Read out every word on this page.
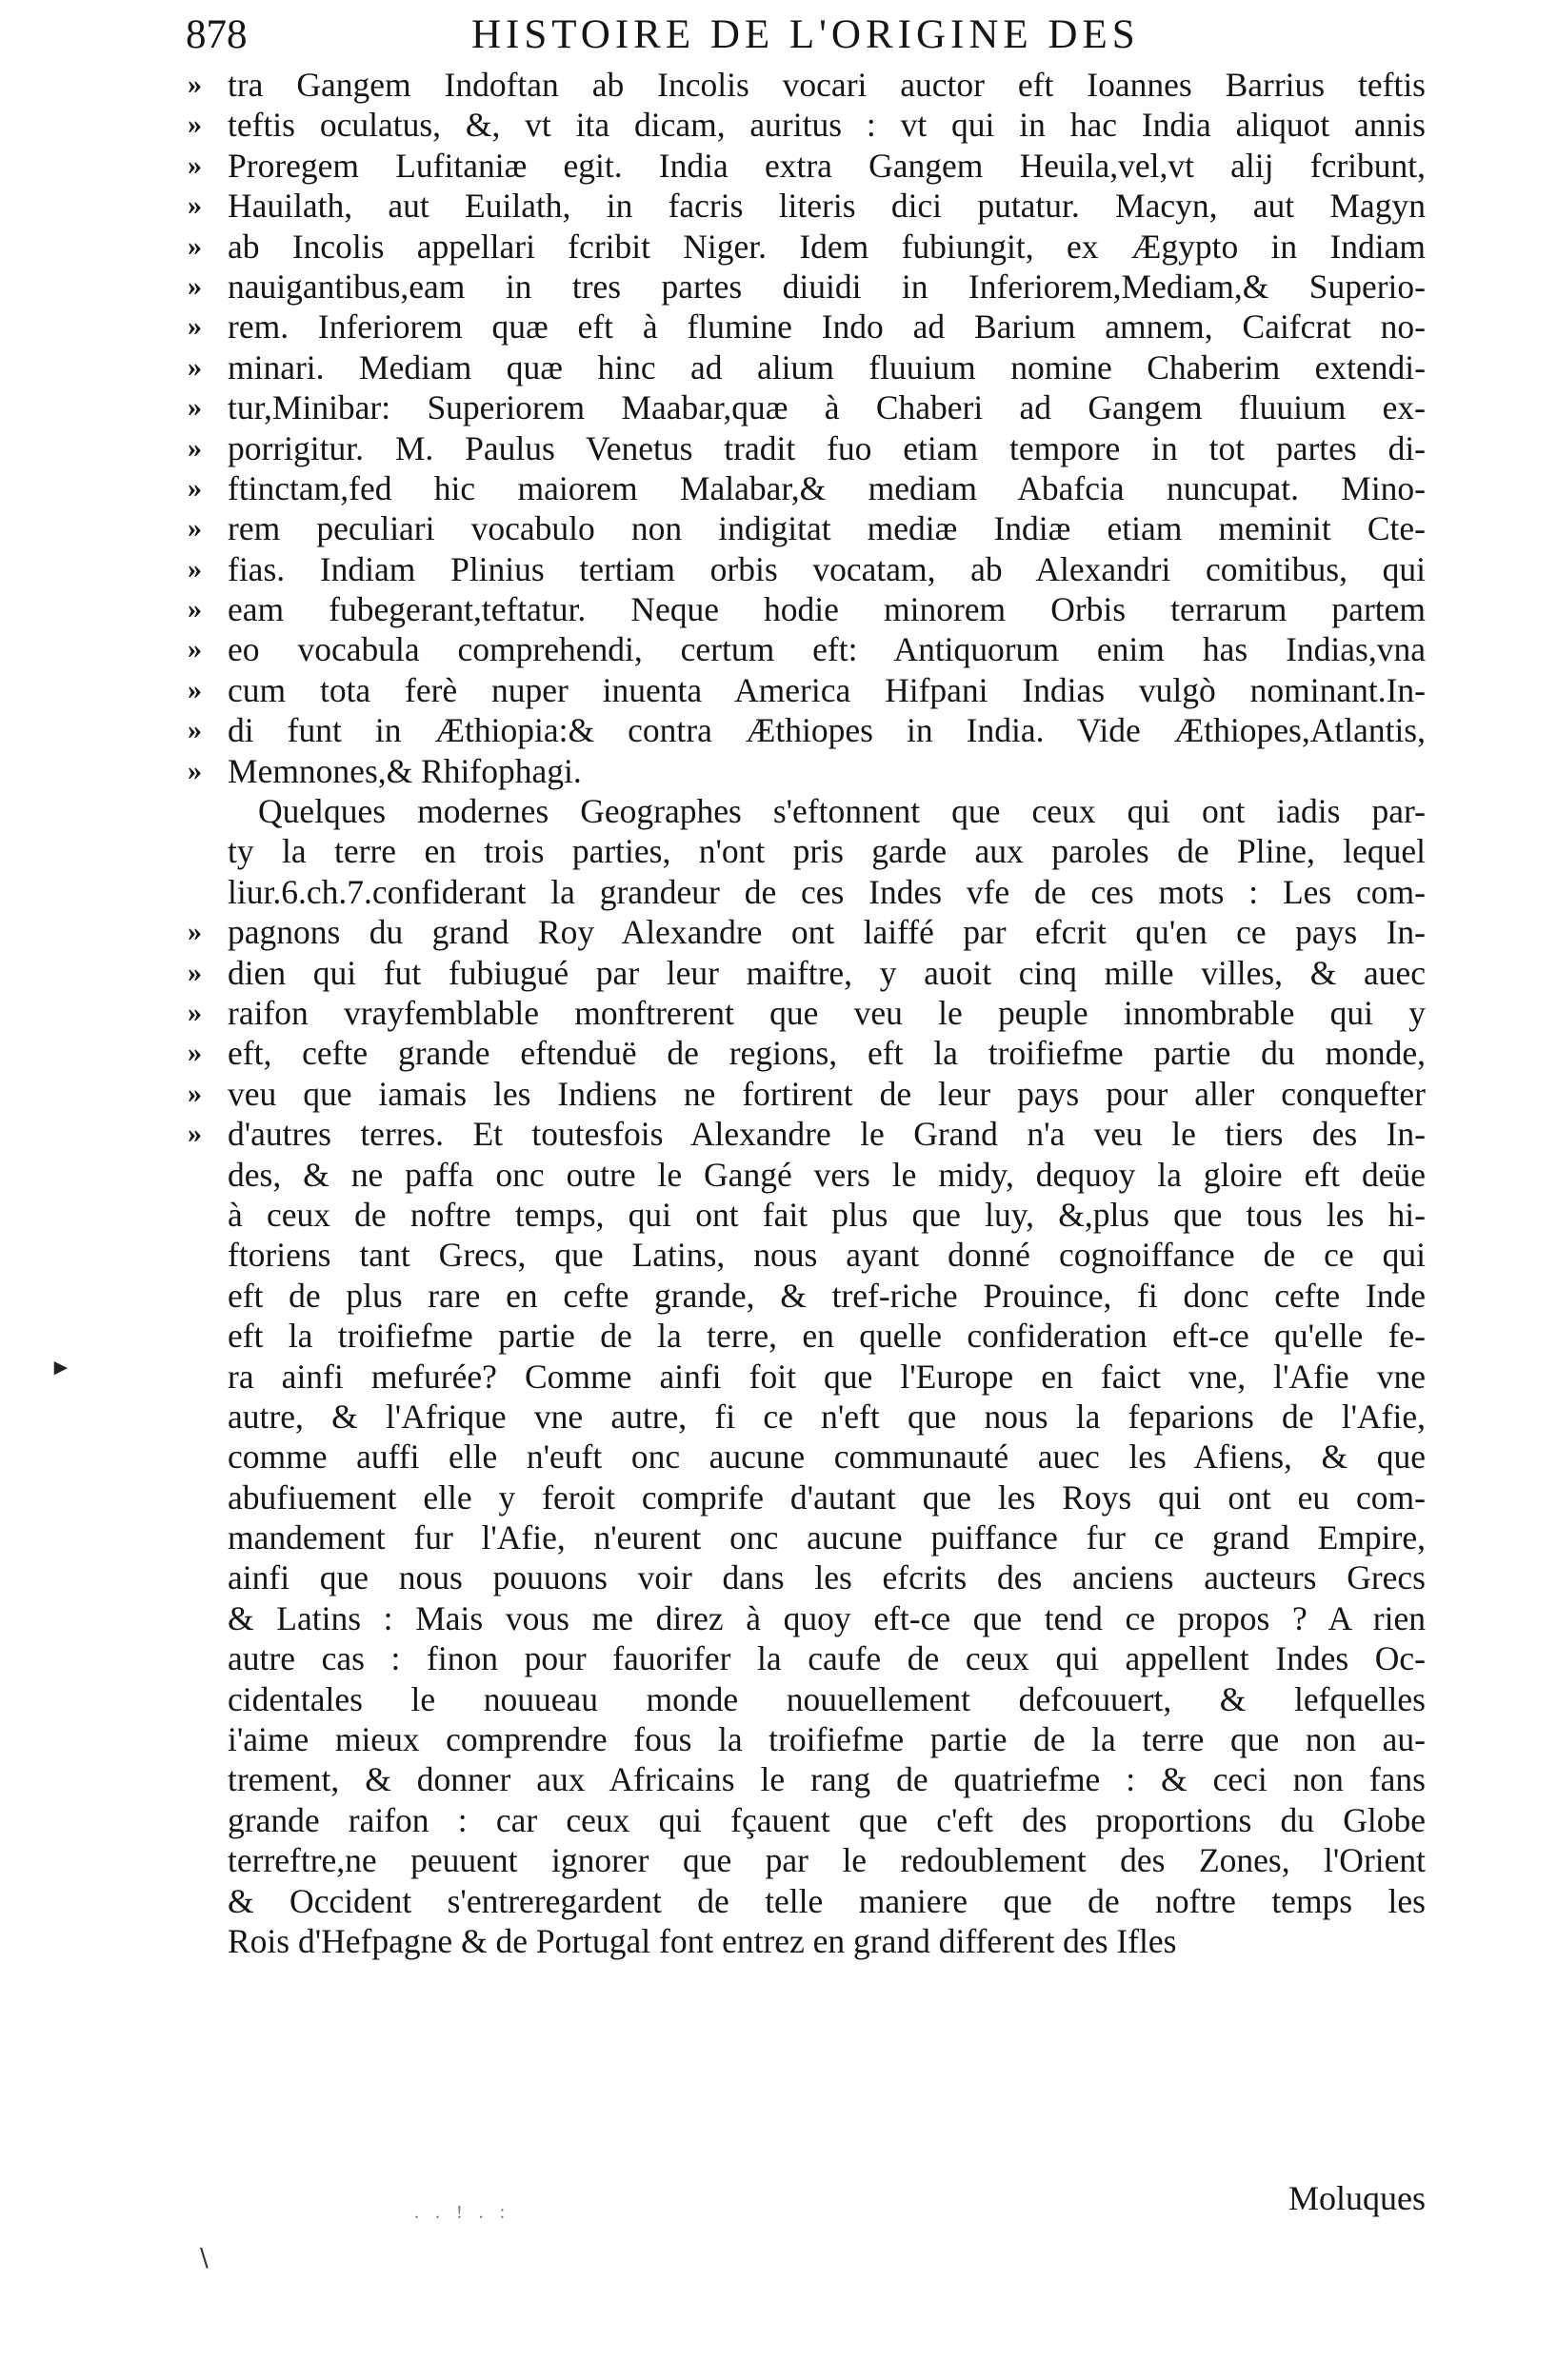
878	HISTOIRE DE L'ORIGINE DES
►
» tra Gangem Indoftan ab Incolis vocari auctor eft Ioannes Barrius teftis
» teftis oculatus, &, vt ita dicam, auritus : vt qui in hac India aliquot annis
» Proregem Lufitaniæ egit. India extra Gangem Heuila,vel,vt alij fcribunt,
» Hauilath, aut Euilath, in facris literis dici putatur. Macyn, aut Magyn
» ab Incolis appellari fcribit Niger. Idem fubiungit, ex Ægypto in Indiam
» nauigantibus,eam in tres partes diuidi in Inferiorem,Mediam,& Superio-
» rem. Inferiorem quæ eft à flumine Indo ad Barium amnem, Caifcrat no-
» minari. Mediam quæ hinc ad alium fluuium nomine Chaberim extendi-
» tur,Minibar: Superiorem Maabar,quæ à Chaberi ad Gangem fluuium ex-
» porrigitur. M. Paulus Venetus tradit fuo etiam tempore in tot partes di-
» ftinctam,fed hic maiorem Malabar,& mediam Abafcia nuncupat. Mino-
» rem peculiari vocabulo non indigitat mediæ Indiæ etiam meminit Cte-
» fias. Indiam Plinius tertiam orbis vocatam, ab Alexandri comitibus, qui
» eam fubegerant,teftatur. Neque hodie minorem Orbis terrarum partem
» eo vocabula comprehendi, certum eft: Antiquorum enim has Indias,vna
» cum tota ferè nuper inuenta America Hifpani Indias vulgò nominant.In-
» di funt in Æthiopia:& contra Æthiopes in India. Vide Æthiopes,Atlantis,
» Memnones,& Rhifophagi.
Quelques modernes Geographes s'eftonnent que ceux qui ont iadis par-
ty la terre en trois parties, n'ont pris garde aux paroles de Pline, lequel
liur.6.ch.7.confiderant la grandeur de ces Indes vfe de ces mots : Les com-
» pagnons du grand Roy Alexandre ont laiffé par efcrit qu'en ce pays In-
» dien qui fut fubiugué par leur maiftre, y auoit cinq mille villes, & auec
» raifon vrayfemblable monftrerent que veu le peuple innombrable qui y
» eft, cefte grande eftenduë de regions, eft la troifiefme partie du monde,
» veu que iamais les Indiens ne fortirent de leur pays pour aller conquefter
» d'autres terres. Et toutesfois Alexandre le Grand n'a veu le tiers des In-
des, & ne paffa onc outre le Gangé vers le midy, dequoy la gloire eft deüe
à ceux de noftre temps, qui ont fait plus que luy, &,plus que tous les hi-
ftoriens tant Grecs, que Latins, nous ayant donné cognoiffance de ce qui
eft de plus rare en cefte grande, & tref-riche Prouince, fi donc cefte Inde
eft la troifiefme partie de la terre, en quelle confideration eft-ce qu'elle fe-
ra ainfi mefurée? Comme ainfi foit que l'Europe en faict vne, l'Afie vne
autre, & l'Afrique vne autre, fi ce n'eft que nous la feparions de l'Afie,
comme auffi elle n'euft onc aucune communauté auec les Afiens, & que
abufiuement elle y feroit comprife d'autant que les Roys qui ont eu com-
mandement fur l'Afie, n'eurent onc aucune puiffance fur ce grand Empire,
ainfi que nous pouuons voir dans les efcrits des anciens aucteurs Grecs
& Latins : Mais vous me direz à quoy eft-ce que tend ce propos ? A rien
autre cas : finon pour fauorifer la caufe de ceux qui appellent Indes Oc-
cidentales le nouueau monde nouuellement defcouuert, & lefquelles
i'aime mieux comprendre fous la troifiefme partie de la terre que non au-
trement, & donner aux Africains le rang de quatriefme : & ceci non fans
grande raifon : car ceux qui fçauent que c'eft des proportions du Globe
terreftre,ne peuuent ignorer que par le redoublement des Zones, l'Orient
& Occident s'entreregardent de telle maniere que de noftre temps les
Rois d'Hefpagne & de Portugal font entrez en grand different des Ifles
Moluques
. . ! . :
∖
